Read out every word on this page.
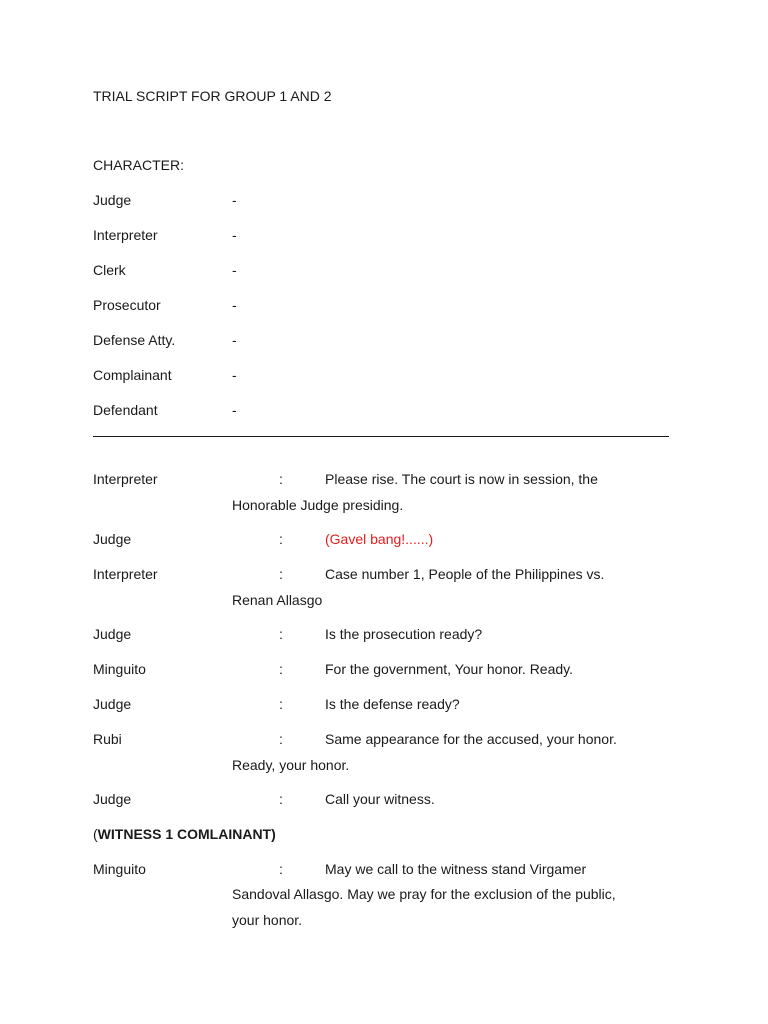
TRIAL SCRIPT FOR GROUP 1 AND 2
CHARACTER:
Judge	-
Interpreter	-
Clerk	-
Prosecutor	-
Defense Atty.	-
Complainant	-
Defendant	-
Interpreter	:	Please rise. The court is now in session, the
Honorable Judge presiding.
Judge	:	(Gavel bang!......)
Interpreter	:	Case number 1, People of the Philippines vs.
Renan Allasgo
Judge	:	Is the prosecution ready?
Minguito	:	For the government, Your honor. Ready.
Judge	:	Is the defense ready?
Rubi	:	Same appearance for the accused, your honor.
Ready, your honor.
Judge	:	Call your witness.
(WITNESS 1 COMLAINANT)
Minguito	:	May we call to the witness stand Virgamer
Sandoval Allasgo. May we pray for the exclusion of the public,
your honor.
